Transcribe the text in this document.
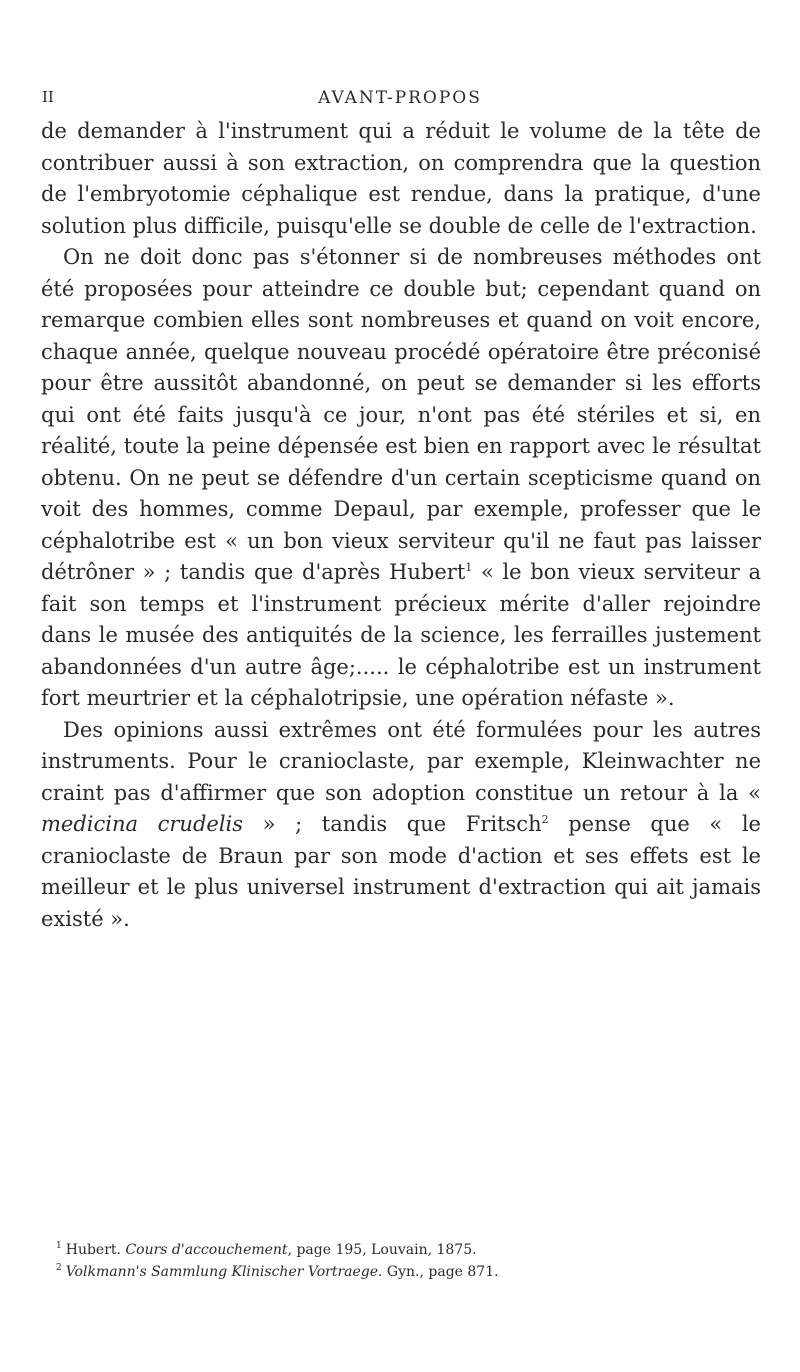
II	AVANT-PROPOS

de demander à l'instrument qui a réduit le volume de la tête de contribuer aussi à son extraction, on comprendra que la question de l'embryotomie céphalique est rendue, dans la pratique, d'une solution plus difficile, puisqu'elle se double de celle de l'extraction.

On ne doit donc pas s'étonner si de nombreuses méthodes ont été proposées pour atteindre ce double but; cependant quand on remarque combien elles sont nombreuses et quand on voit encore, chaque année, quelque nouveau procédé opératoire être préconisé pour être aussitôt abandonné, on peut se demander si les efforts qui ont été faits jusqu'à ce jour, n'ont pas été stériles et si, en réalité, toute la peine dépensée est bien en rapport avec le résultat obtenu. On ne peut se défendre d'un certain scepticisme quand on voit des hommes, comme Depaul, par exemple, professer que le céphalotribe est « un bon vieux serviteur qu'il ne faut pas laisser détrôner » ; tandis que d'après Hubert$^1$ « le bon vieux serviteur a fait son temps et l'instrument précieux mérite d'aller rejoindre dans le musée des antiquités de la science, les ferrailles justement abandonnées d'un autre âge;..... le céphalotribe est un instrument fort meurtrier et la céphalotripsie, une opération néfaste ».

Des opinions aussi extrêmes ont été formulées pour les autres instruments. Pour le cranioclaste, par exemple, Kleinwachter ne craint pas d'affirmer que son adoption constitue un retour à la « medicina crudelis » ; tandis que Fritsch$^2$ pense que « le cranioclaste de Braun par son mode d'action et ses effets est le meilleur et le plus universel instrument d'extraction qui ait jamais existé ».

$^1$ Hubert. Cours d'accouchement, page 195, Louvain, 1875.

$^2$ Volkmann's Sammlung Klinischer Vortraege. Gyn., page 871.
